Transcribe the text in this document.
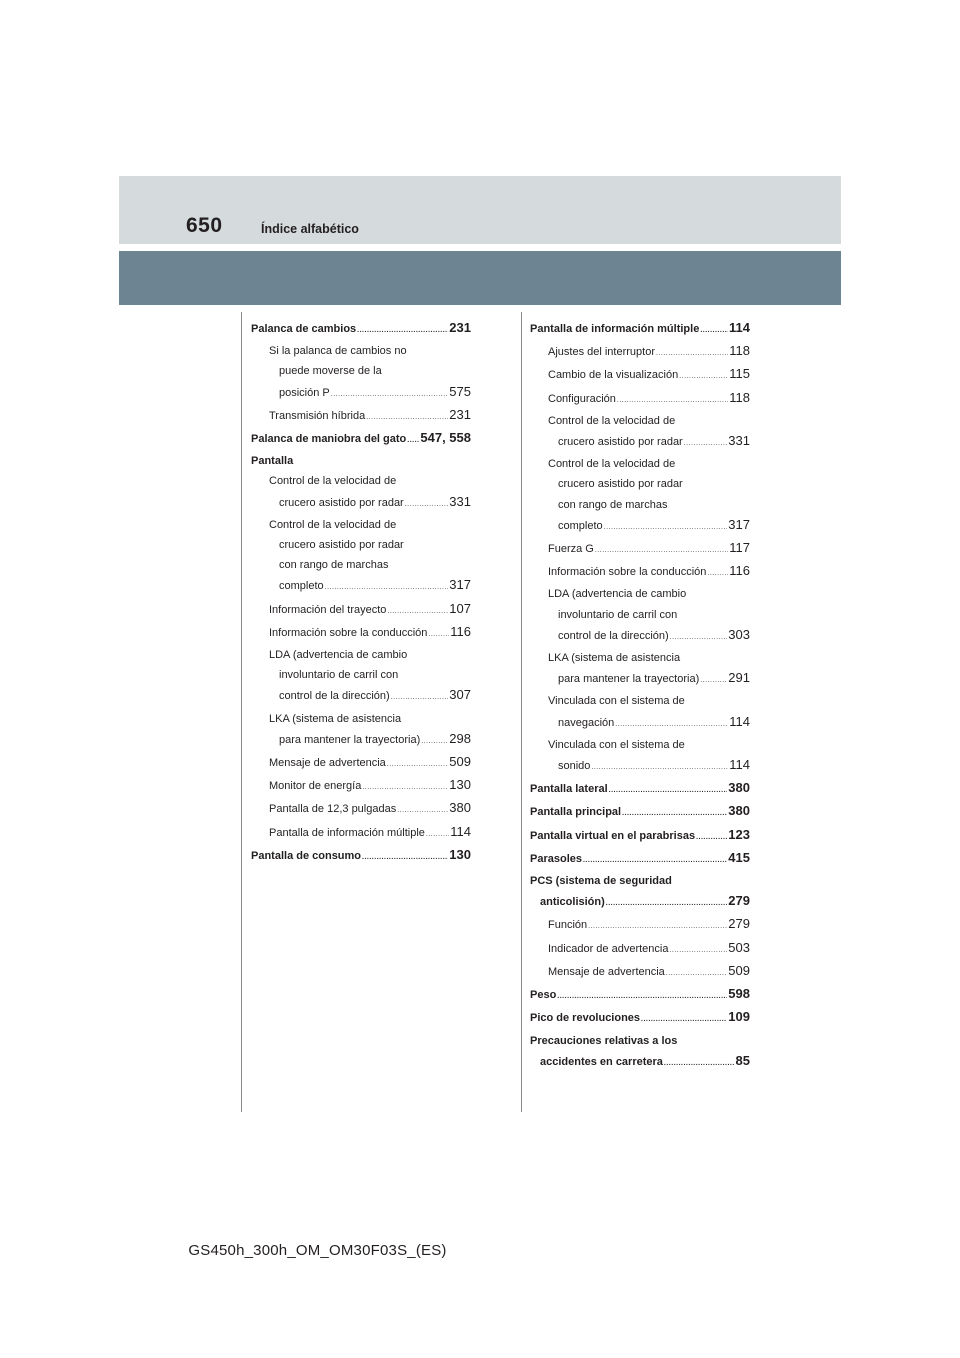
650	Índice alfabético
Palanca de cambios .....	231
Si la palanca de cambios no
puede moverse de la
posición P .....	575
Transmisión híbrida .....	231
Palanca de maniobra del gato ..... 547, 558
Pantalla
Control de la velocidad de
crucero asistido por radar .....	331
Control de la velocidad de
crucero asistido por radar
con rango de marchas
completo .....	317
Información del trayecto .....	107
Información sobre la conducción ..... 116
LDA (advertencia de cambio
involuntario de carril con
control de la dirección) .....	307
LKA (sistema de asistencia
para mantener la trayectoria) ..... 298
Mensaje de advertencia .....	509
Monitor de energía .....	130
Pantalla de 12,3 pulgadas .....	380
Pantalla de información múltiple ..... 114
Pantalla de consumo .....	130
Pantalla de información múltiple ..... 114
Ajustes del interruptor .....	118
Cambio de la visualización .....	115
Configuración .....	118
Control de la velocidad de
crucero asistido por radar .....	331
Control de la velocidad de
crucero asistido por radar
con rango de marchas
completo .....	317
Fuerza G .....	117
Información sobre la conducción ..... 116
LDA (advertencia de cambio
involuntario de carril con
control de la dirección) .....	303
LKA (sistema de asistencia
para mantener la trayectoria) ..... 291
Vinculada con el sistema de
navegación .....	114
Vinculada con el sistema de
sonido .....	114
Pantalla lateral .....	380
Pantalla principal .....	380
Pantalla virtual en el parabrisas .....	123
Parasoles .....	415
PCS (sistema de seguridad
anticolisión) .....	279
Función .....	279
Indicador de advertencia .....	503
Mensaje de advertencia .....	509
Peso .....	598
Pico de revoluciones .....	109
Precauciones relativas a los
accidentes en carretera .....	85
GS450h_300h_OM_OM30F03S_(ES)
